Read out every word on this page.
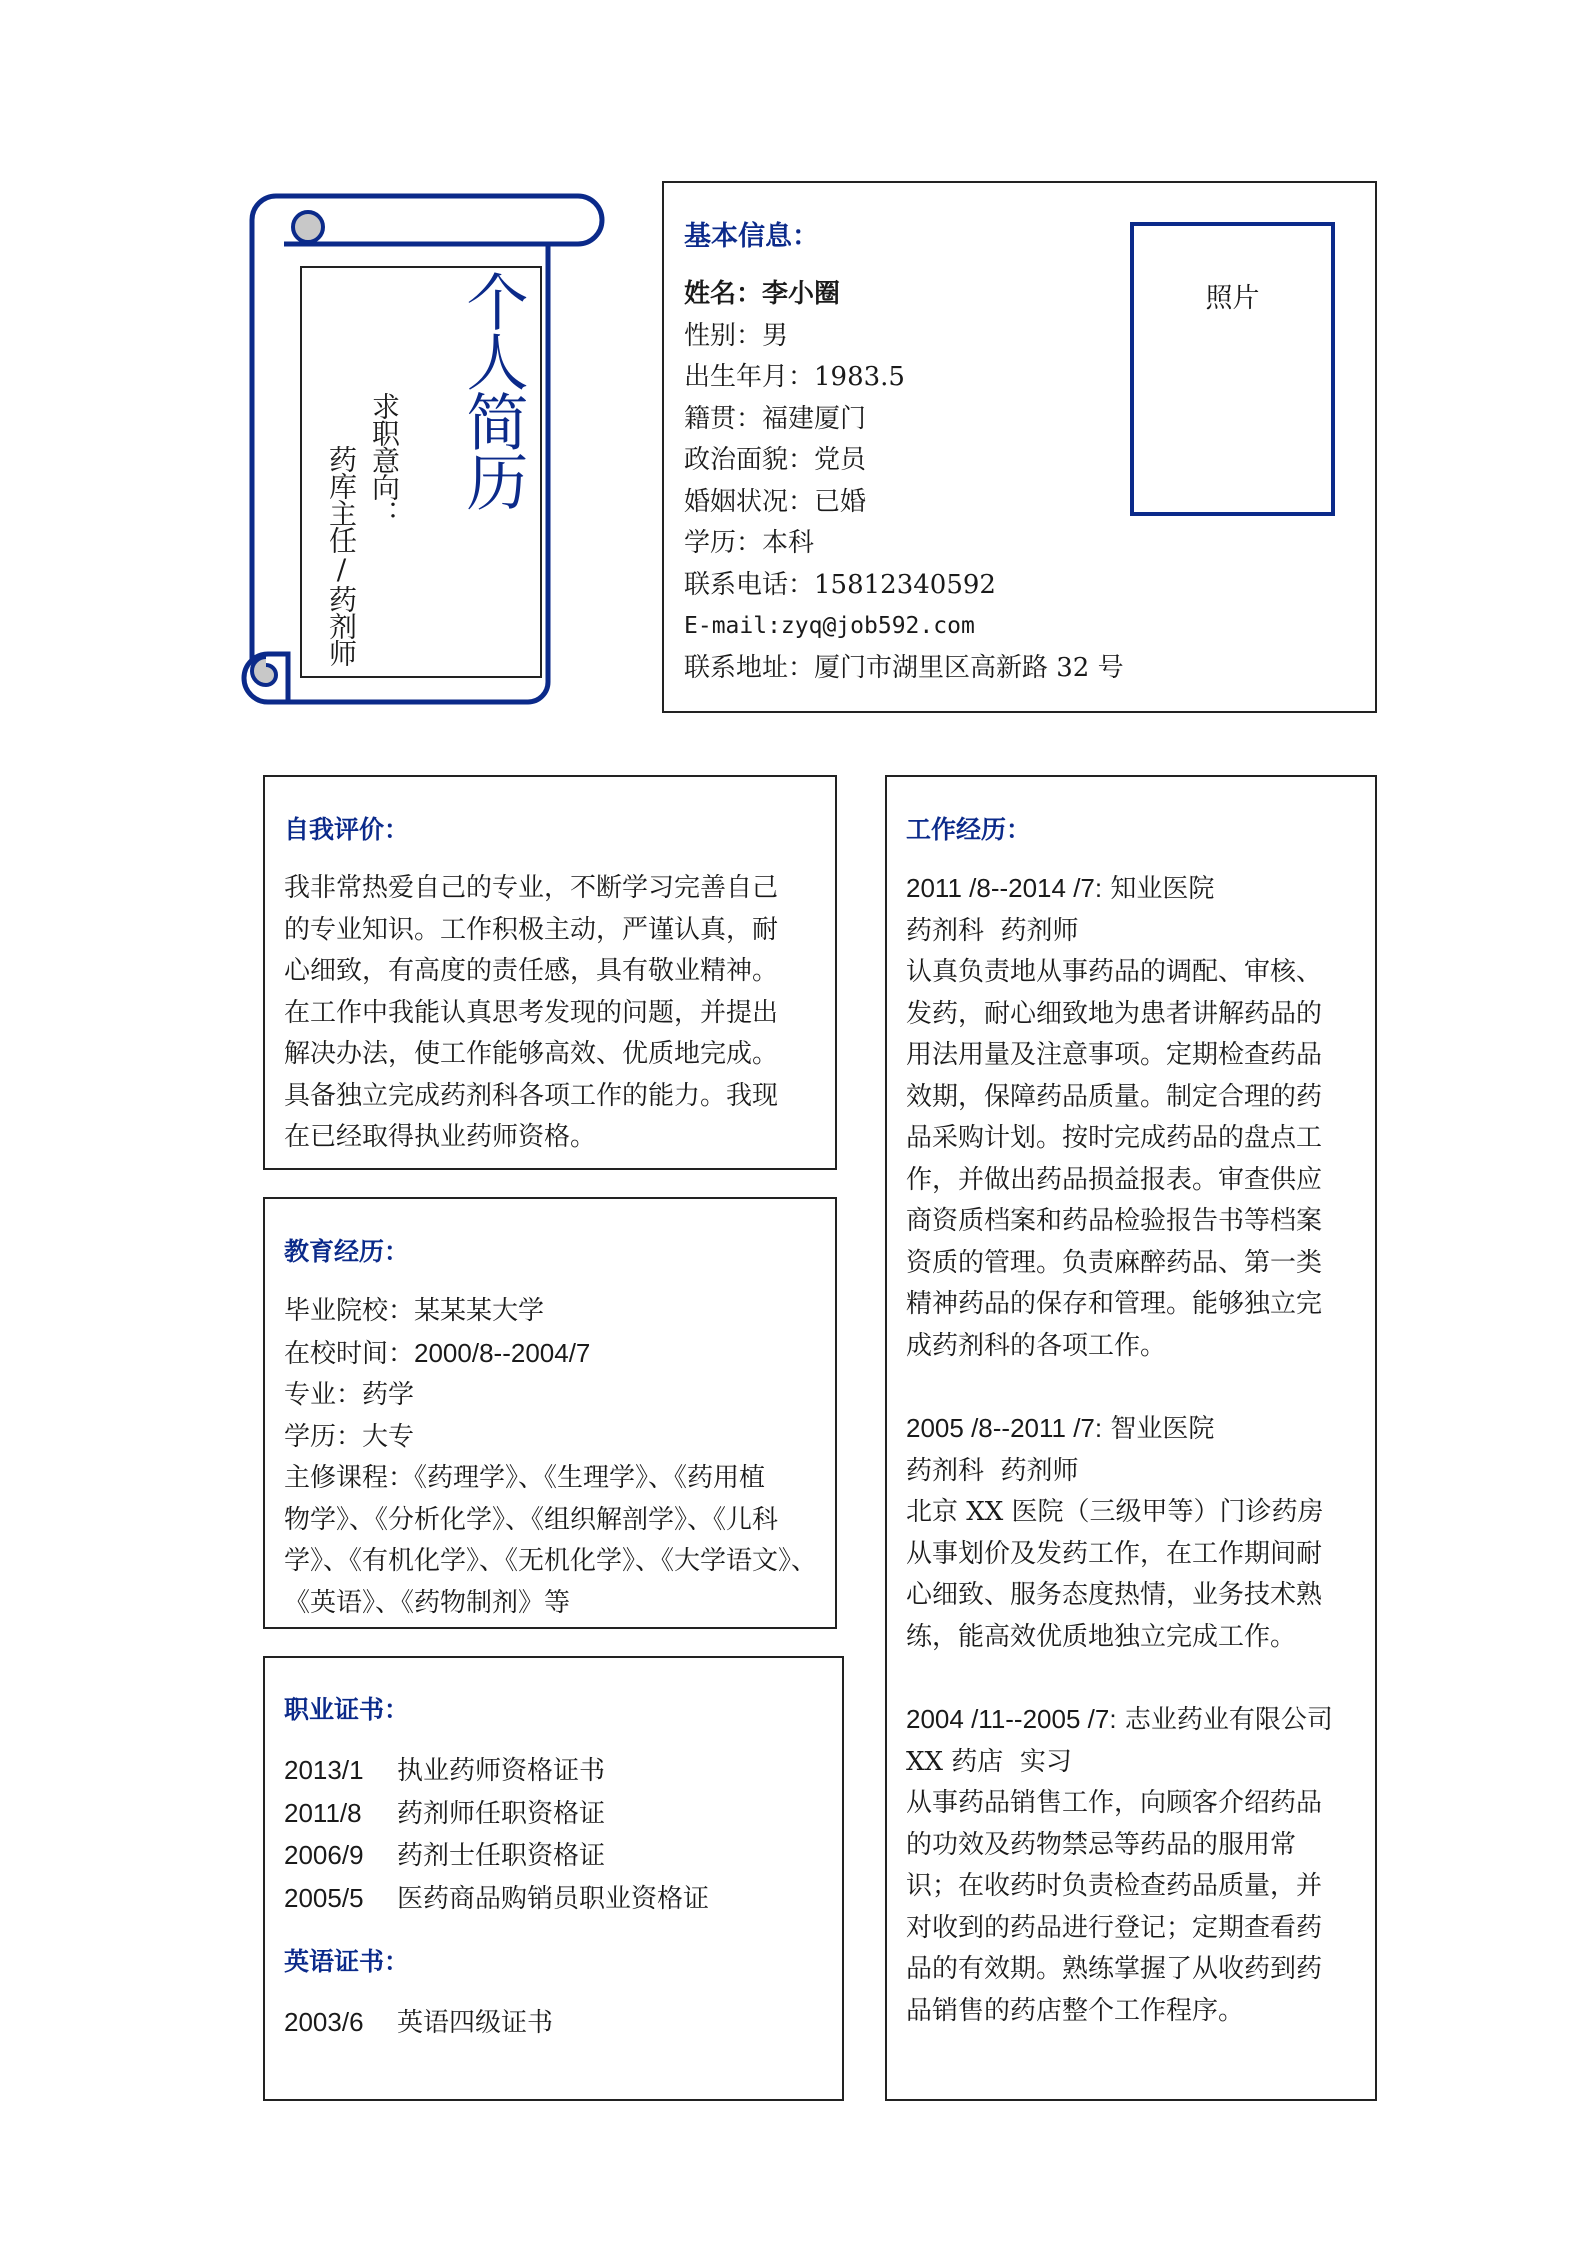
个人简历
求职意向：
药库主任/药剂师
基本信息：
照片
姓名：李小圈
性别：男
出生年月：1983.5
籍贯：福建厦门
政治面貌：党员
婚姻状况：已婚
学历：本科
联系电话：15812340592
E-mail:zyq@job592.com
联系地址：厦门市湖里区高新路 32 号
自我评价：
我非常热爱自己的专业，不断学习完善自己
的专业知识。工作积极主动，严谨认真，耐
心细致，有高度的责任感，具有敬业精神。
在工作中我能认真思考发现的问题，并提出
解决办法，使工作能够高效、优质地完成。
具备独立完成药剂科各项工作的能力。我现
在已经取得执业药师资格。
教育经历：
毕业院校：某某某大学
在校时间：2000/8--2004/7
专业：药学
学历：大专
主修课程：《药理学》、《生理学》、《药用植
物学》、《分析化学》、《组织解剖学》、《儿科
学》、《有机化学》、《无机化学》、《大学语文》、
《英语》、《药物制剂》等
职业证书：
2013/1 执业药师资格证书
2011/8 药剂师任职资格证
2006/9 药剂士任职资格证
2005/5 医药商品购销员职业资格证
英语证书：
2003/6 英语四级证书
工作经历：
2011 /8--2014 /7: 知业医院
药剂科  药剂师
认真负责地从事药品的调配、审核、
发药，耐心细致地为患者讲解药品的
用法用量及注意事项。定期检查药品
效期，保障药品质量。制定合理的药
品采购计划。按时完成药品的盘点工
作，并做出药品损益报表。审查供应
商资质档案和药品检验报告书等档案
资质的管理。负责麻醉药品、第一类
精神药品的保存和管理。能够独立完
成药剂科的各项工作。
2005 /8--2011 /7: 智业医院
药剂科  药剂师
北京 XX 医院（三级甲等）门诊药房
从事划价及发药工作，在工作期间耐
心细致、服务态度热情，业务技术熟
练，能高效优质地独立完成工作。
2004 /11--2005 /7: 志业药业有限公司
XX 药店  实习
从事药品销售工作，向顾客介绍药品
的功效及药物禁忌等药品的服用常
识；在收药时负责检查药品质量，并
对收到的药品进行登记；定期查看药
品的有效期。熟练掌握了从收药到药
品销售的药店整个工作程序。
